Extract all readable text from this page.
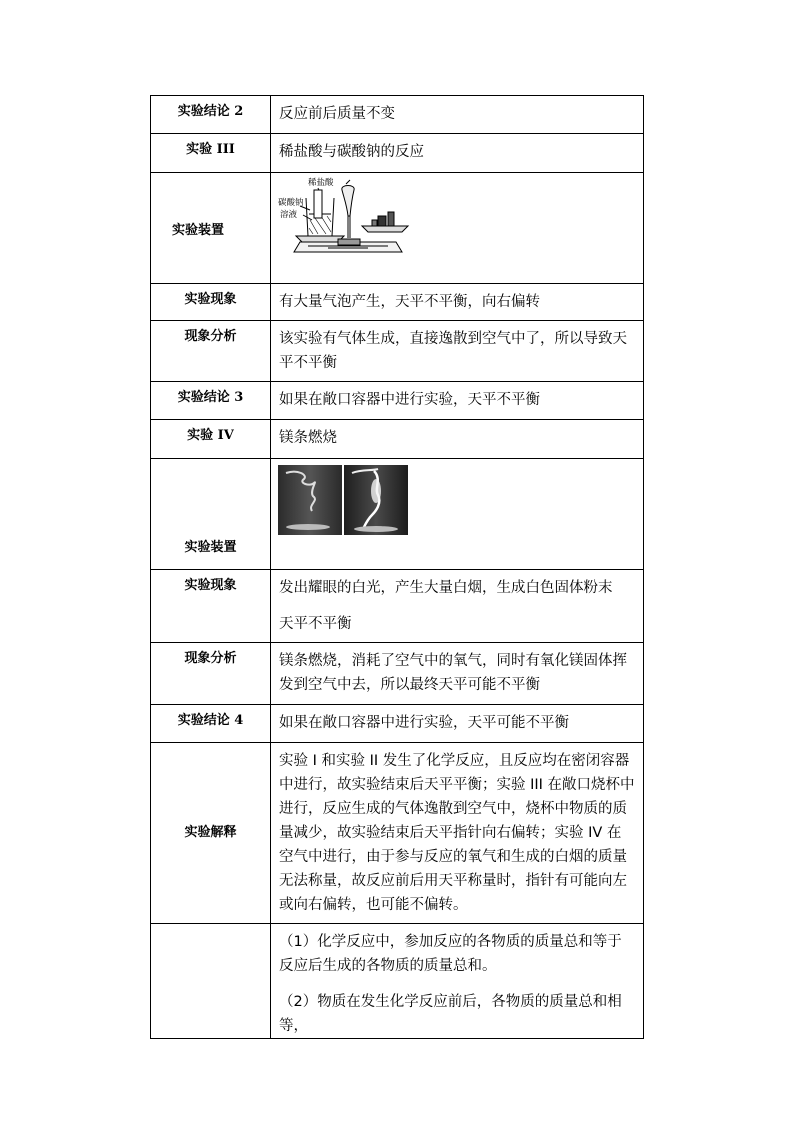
实验结论 2	反应前后质量不变

实验 III	稀盐酸与碳酸钠的反应

实验装置	稀盐酸
碳酸钠
溶液

实验现象	有大量气泡产生，天平不平衡，向右偏转

现象分析	该实验有气体生成，直接逸散到空气中了，所以导致天平不平衡

实验结论 3	如果在敞口容器中进行实验，天平不平衡

实验 IV	镁条燃烧

实验装置

实验现象	发出耀眼的白光，产生大量白烟，生成白色固体粉末

天平不平衡

现象分析	镁条燃烧，消耗了空气中的氧气，同时有氧化镁固体挥发到空气中去，所以最终天平可能不平衡

实验结论 4	如果在敞口容器中进行实验，天平可能不平衡

实验解释	实验 I 和实验 II 发生了化学反应，且反应均在密闭容器中进行，故实验结束后天平平衡；实验 III 在敞口烧杯中进行，反应生成的气体逸散到空气中，烧杯中物质的质量减少，故实验结束后天平指针向右偏转；实验 IV 在空气中进行，由于参与反应的氧气和生成的白烟的质量无法称量，故反应前后用天平称量时，指针有可能向左或向右偏转，也可能不偏转。

	（1）化学反应中，参加反应的各物质的质量总和等于反应后生成的各物质的质量总和。

（2）物质在发生化学反应前后，各物质的质量总和相等，
